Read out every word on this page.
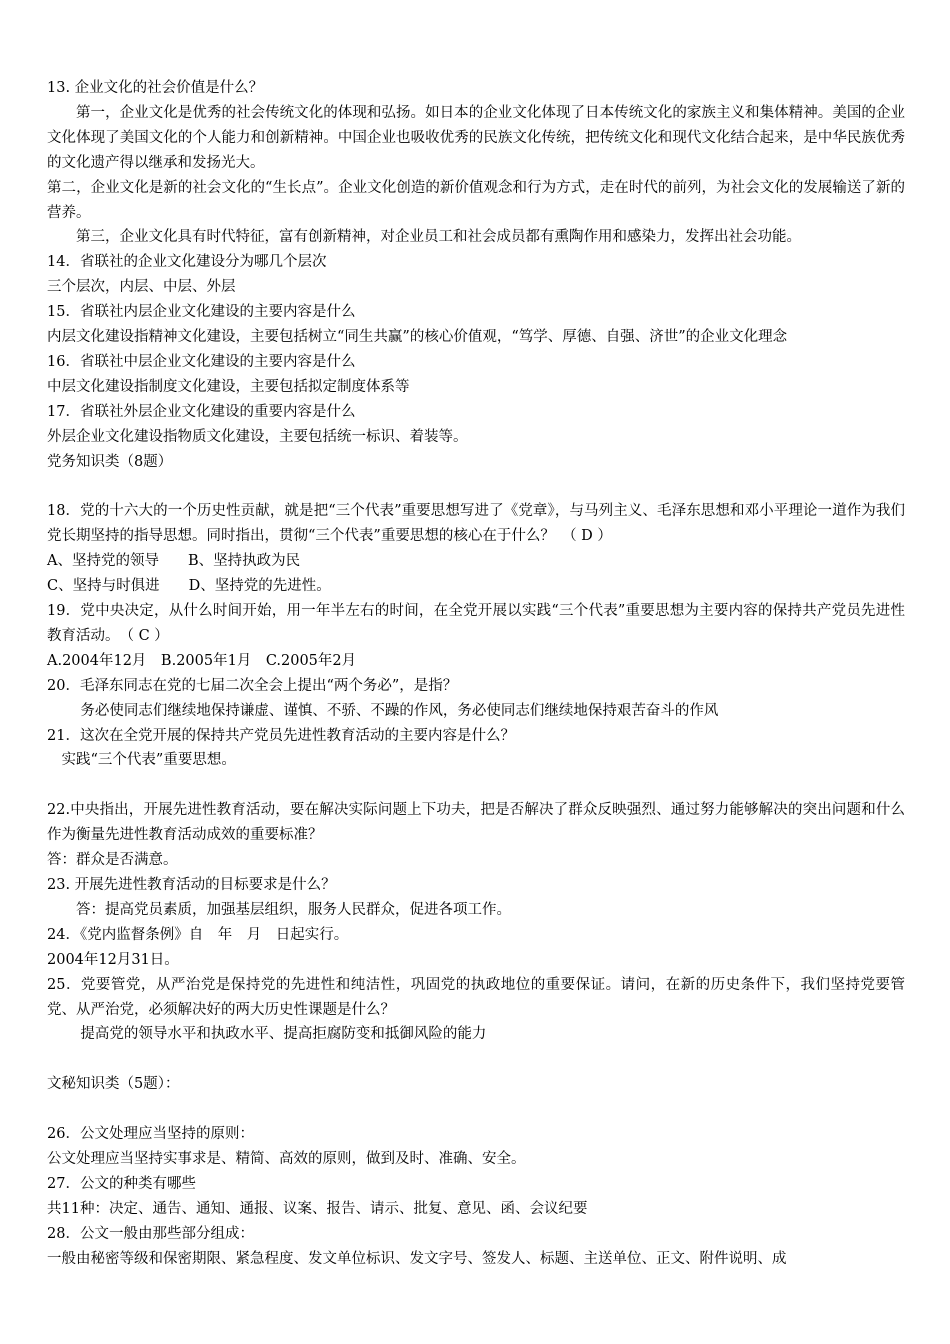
13. 企业文化的社会价值是什么？

第一，企业文化是优秀的社会传统文化的体现和弘扬。如日本的企业文化体现了日本传统文化的家族主义和集体精神。美国的企业文化体现了美国文化的个人能力和创新精神。中国企业也吸收优秀的民族文化传统，把传统文化和现代文化结合起来，是中华民族优秀的文化遗产得以继承和发扬光大。

第二，企业文化是新的社会文化的“生长点”。企业文化创造的新价值观念和行为方式，走在时代的前列，为社会文化的发展输送了新的营养。

第三，企业文化具有时代特征，富有创新精神，对企业员工和社会成员都有熏陶作用和感染力，发挥出社会功能。

14．省联社的企业文化建设分为哪几个层次

三个层次，内层、中层、外层

15．省联社内层企业文化建设的主要内容是什么

内层文化建设指精神文化建设，主要包括树立“同生共赢”的核心价值观，“笃学、厚德、自强、济世”的企业文化理念

16．省联社中层企业文化建设的主要内容是什么

中层文化建设指制度文化建设，主要包括拟定制度体系等

17．省联社外层企业文化建设的重要内容是什么

外层企业文化建设指物质文化建设，主要包括统一标识、着装等。

党务知识类（8题）

18．党的十六大的一个历史性贡献，就是把“三个代表”重要思想写进了《党章》，与马列主义、毛泽东思想和邓小平理论一道作为我们党长期坚持的指导思想。同时指出，贯彻“三个代表”重要思想的核心在于什么？　（ D ）

A、坚持党的领导　　B、坚持执政为民

C、坚持与时俱进　　D、坚持党的先进性。

19．党中央决定，从什么时间开始，用一年半左右的时间，在全党开展以实践“三个代表”重要思想为主要内容的保持共产党员先进性教育活动。　（ C ）

A.2004年12月　B.2005年1月　C.2005年2月

20．毛泽东同志在党的七届二次全会上提出“两个务必”，是指？

务必使同志们继续地保持谦虚、谨慎、不骄、不躁的作风，务必使同志们继续地保持艰苦奋斗的作风

21．这次在全党开展的保持共产党员先进性教育活动的主要内容是什么？

实践“三个代表”重要思想。

22.中央指出，开展先进性教育活动，要在解决实际问题上下功夫，把是否解决了群众反映强烈、通过努力能够解决的突出问题和什么作为衡量先进性教育活动成效的重要标准？

答：群众是否满意。

23. 开展先进性教育活动的目标要求是什么？

答：提高党员素质，加强基层组织，服务人民群众，促进各项工作。

24．《党内监督条例》自　年　月　日起实行。

2004年12月31日。

25．党要管党，从严治党是保持党的先进性和纯洁性，巩固党的执政地位的重要保证。请问，在新的历史条件下，我们坚持党要管党、从严治党，必须解决好的两大历史性课题是什么？

提高党的领导水平和执政水平、提高拒腐防变和抵御风险的能力

文秘知识类（5题）：

26．公文处理应当坚持的原则：

公文处理应当坚持实事求是、精简、高效的原则，做到及时、准确、安全。

27．公文的种类有哪些

共11种：决定、通告、通知、通报、议案、报告、请示、批复、意见、函、会议纪要

28．公文一般由那些部分组成：

一般由秘密等级和保密期限、紧急程度、发文单位标识、发文字号、签发人、标题、主送单位、正文、附件说明、成
